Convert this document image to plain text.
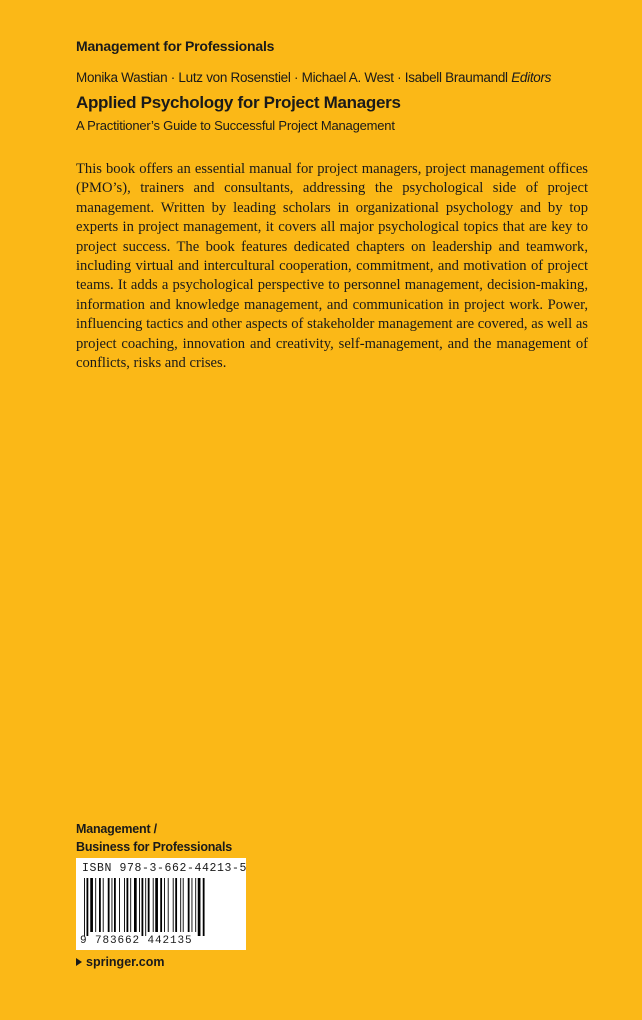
Management for Professionals
Monika Wastian · Lutz von Rosenstiel · Michael A. West · Isabell Braumandl Editors
Applied Psychology for Project Managers
A Practitioner’s Guide to Successful Project Management

This book offers an essential manual for project managers, project management offices (PMO’s), trainers and consultants, addressing the psychological side of project management. Written by leading scholars in organizational psychology and by top experts in project management, it covers all major psychological topics that are key to project success. The book features dedicated chapters on leadership and teamwork, including virtual and intercultural cooperation, commitment, and motivation of project teams. It adds a psychological perspective to personnel management, decision-making, information and knowledge management, and communication in project work. Power, influencing tactics and other aspects of stakeholder management are covered, as well as project coaching, innovation and creativity, self-management, and the management of conflicts, risks and crises.

Management /
Business for Professionals
ISBN 978-3-662-44213-5
9 783662 442135
springer.com
